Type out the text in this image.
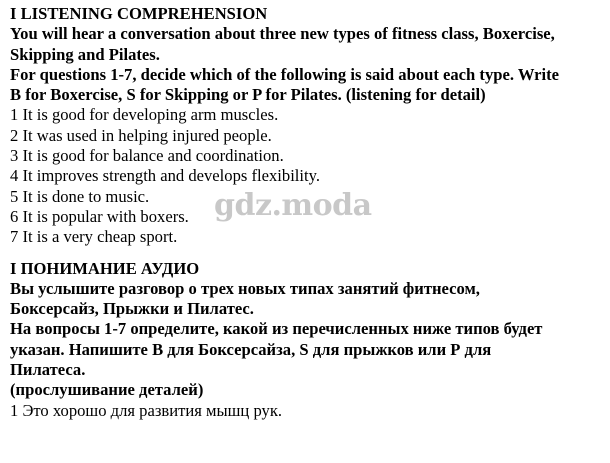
I LISTENING COMPREHENSION
You will hear a conversation about three new types of fitness class, Boxercise,
Skipping and Pilates.
For questions 1-7, decide which of the following is said about each type. Write
B for Boxercise, S for Skipping or P for Pilates. (listening for detail)
1 It is good for developing arm muscles.
2 It was used in helping injured people.
3 It is good for balance and coordination.
4 It improves strength and develops flexibility.
5 It is done to music.
6 It is popular with boxers.
7 It is a very cheap sport.
I ПОНИМАНИЕ АУДИО
Вы услышите разговор о трех новых типах занятий фитнесом,
Боксерсайз, Прыжки и Пилатес.
На вопросы 1-7 определите, какой из перечисленных ниже типов будет
указан. Напишите В для Боксерсайза, S для прыжков или Р для
Пилатеса.
(прослушивание деталей)
1 Это хорошо для развития мышц рук.
gdz.moda
